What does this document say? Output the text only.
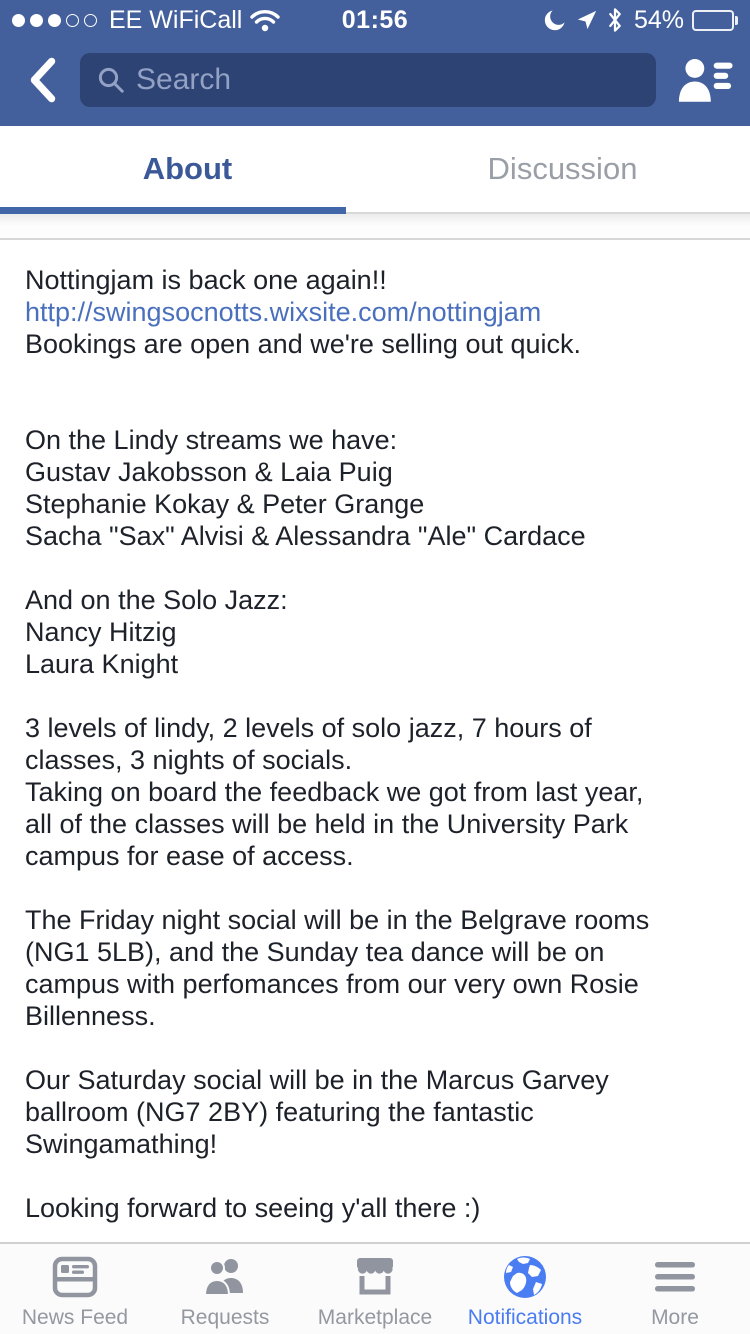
EE WiFiCall	01:56	54%
Search
About	Discussion
Nottingjam is back one again!!
http://swingsocnotts.wixsite.com/nottingjam
Bookings are open and we're selling out quick.

On the Lindy streams we have:
Gustav Jakobsson & Laia Puig
Stephanie Kokay & Peter Grange
Sacha "Sax" Alvisi & Alessandra "Ale" Cardace

And on the Solo Jazz:
Nancy Hitzig
Laura Knight

3 levels of lindy, 2 levels of solo jazz, 7 hours of
classes, 3 nights of socials.
Taking on board the feedback we got from last year,
all of the classes will be held in the University Park
campus for ease of access.

The Friday night social will be in the Belgrave rooms
(NG1 5LB), and the Sunday tea dance will be on
campus with perfomances from our very own Rosie
Billenness.

Our Saturday social will be in the Marcus Garvey
ballroom (NG7 2BY) featuring the fantastic
Swingamathing!

Looking forward to seeing y'all there :)
News Feed	Requests Marketplace Notifications	More
